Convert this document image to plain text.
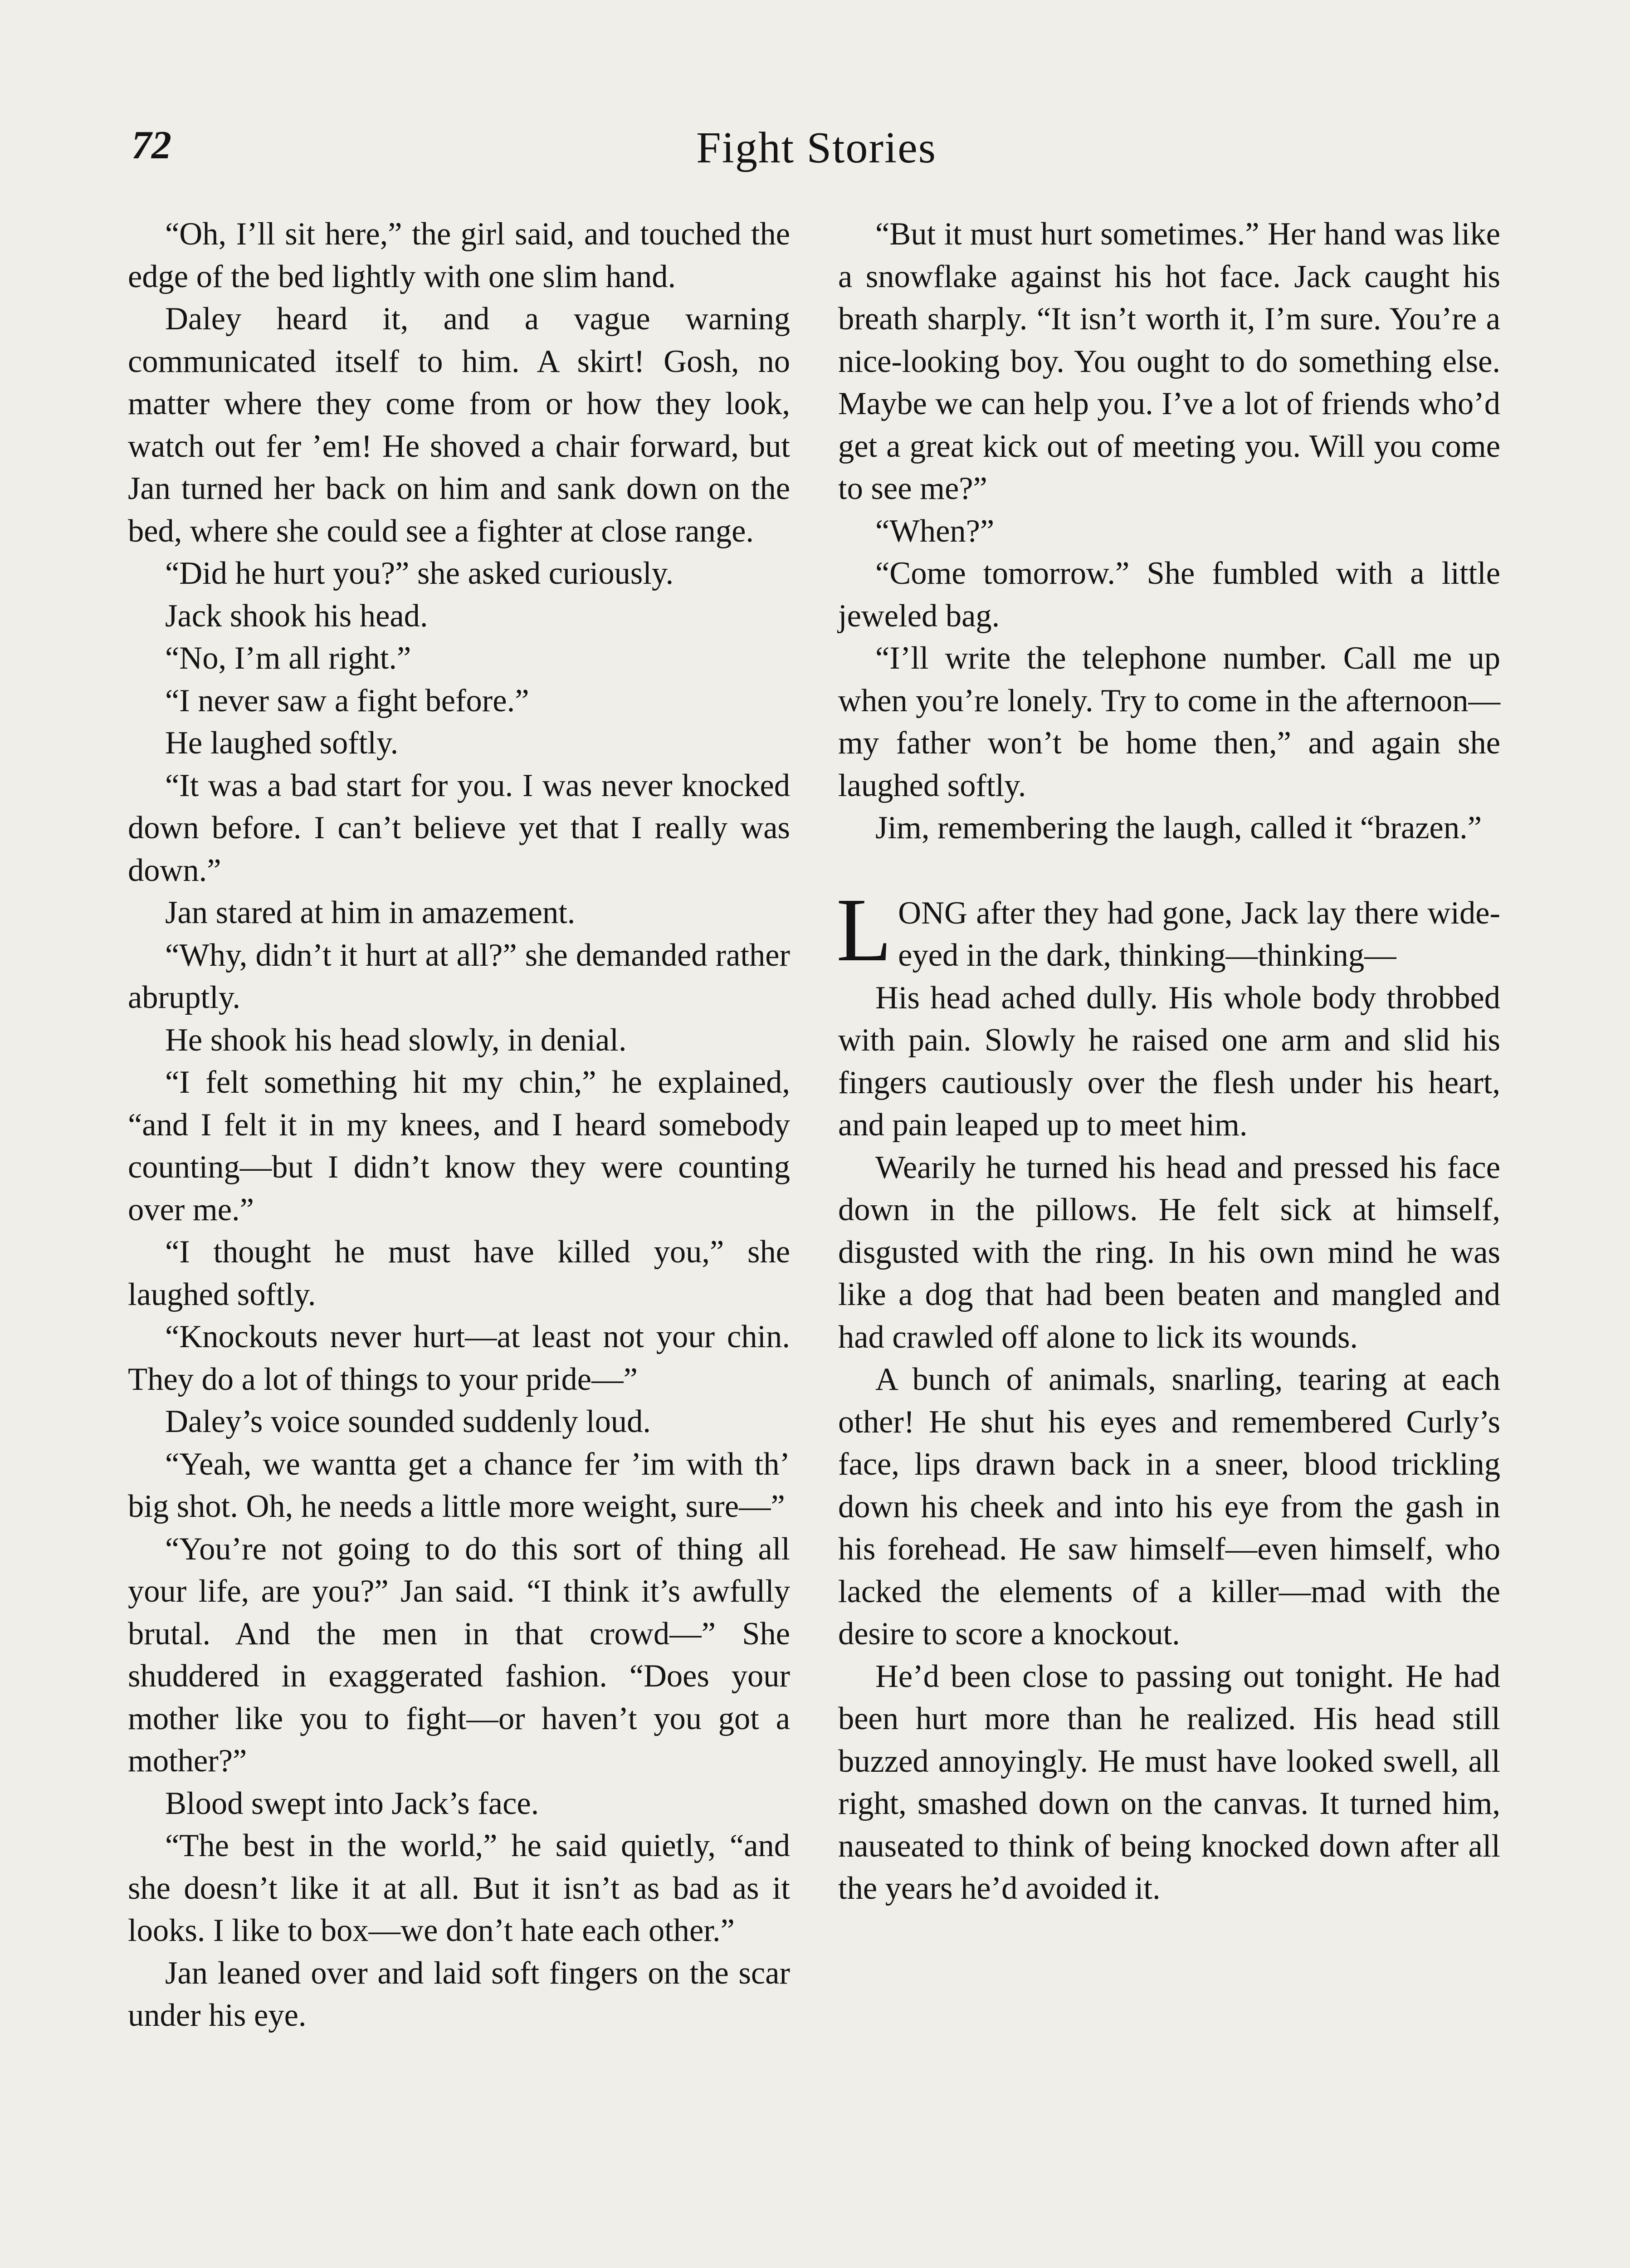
72	Fight Stories

“Oh, I’ll sit here,” the girl said, and touched the edge of the bed lightly with one slim hand.

Daley heard it, and a vague warning communicated itself to him. A skirt! Gosh, no matter where they come from or how they look, watch out fer ’em! He shoved a chair forward, but Jan turned her back on him and sank down on the bed, where she could see a fighter at close range.

“Did he hurt you?” she asked curiously.

Jack shook his head.

“No, I’m all right.”

“I never saw a fight before.”

He laughed softly.

“It was a bad start for you. I was never knocked down before. I can’t believe yet that I really was down.”

Jan stared at him in amazement.

“Why, didn’t it hurt at all?” she demanded rather abruptly.

He shook his head slowly, in denial.

“I felt something hit my chin,” he explained, “and I felt it in my knees, and I heard somebody counting—but I didn’t know they were counting over me.”

“I thought he must have killed you,” she laughed softly.

“Knockouts never hurt—at least not your chin. They do a lot of things to your pride—”

Daley’s voice sounded suddenly loud.

“Yeah, we wantta get a chance fer ’im with th’ big shot. Oh, he needs a little more weight, sure—”

“You’re not going to do this sort of thing all your life, are you?” Jan said. “I think it’s awfully brutal. And the men in that crowd—” She shuddered in exaggerated fashion. “Does your mother like you to fight—or haven’t you got a mother?”

Blood swept into Jack’s face.

“The best in the world,” he said quietly, “and she doesn’t like it at all. But it isn’t as bad as it looks. I like to box—we don’t hate each other.”

Jan leaned over and laid soft fingers on the scar under his eye.

“But it must hurt sometimes.” Her hand was like a snowflake against his hot face. Jack caught his breath sharply. “It isn’t worth it, I’m sure. You’re a nice-looking boy. You ought to do something else. Maybe we can help you. I’ve a lot of friends who’d get a great kick out of meeting you. Will you come to see me?”

“When?”

“Come tomorrow.” She fumbled with a little jeweled bag.

“I’ll write the telephone number. Call me up when you’re lonely. Try to come in the afternoon—my father won’t be home then,” and again she laughed softly.

Jim, remembering the laugh, called it “brazen.”

LONG after they had gone, Jack lay there wide-eyed in the dark, thinking—thinking—

His head ached dully. His whole body throbbed with pain. Slowly he raised one arm and slid his fingers cautiously over the flesh under his heart, and pain leaped up to meet him.

Wearily he turned his head and pressed his face down in the pillows. He felt sick at himself, disgusted with the ring. In his own mind he was like a dog that had been beaten and mangled and had crawled off alone to lick its wounds.

A bunch of animals, snarling, tearing at each other! He shut his eyes and remembered Curly’s face, lips drawn back in a sneer, blood trickling down his cheek and into his eye from the gash in his forehead. He saw himself—even himself, who lacked the elements of a killer—mad with the desire to score a knockout.

He’d been close to passing out tonight. He had been hurt more than he realized. His head still buzzed annoyingly. He must have looked swell, all right, smashed down on the canvas. It turned him, nauseated to think of being knocked down after all the years he’d avoided it.
